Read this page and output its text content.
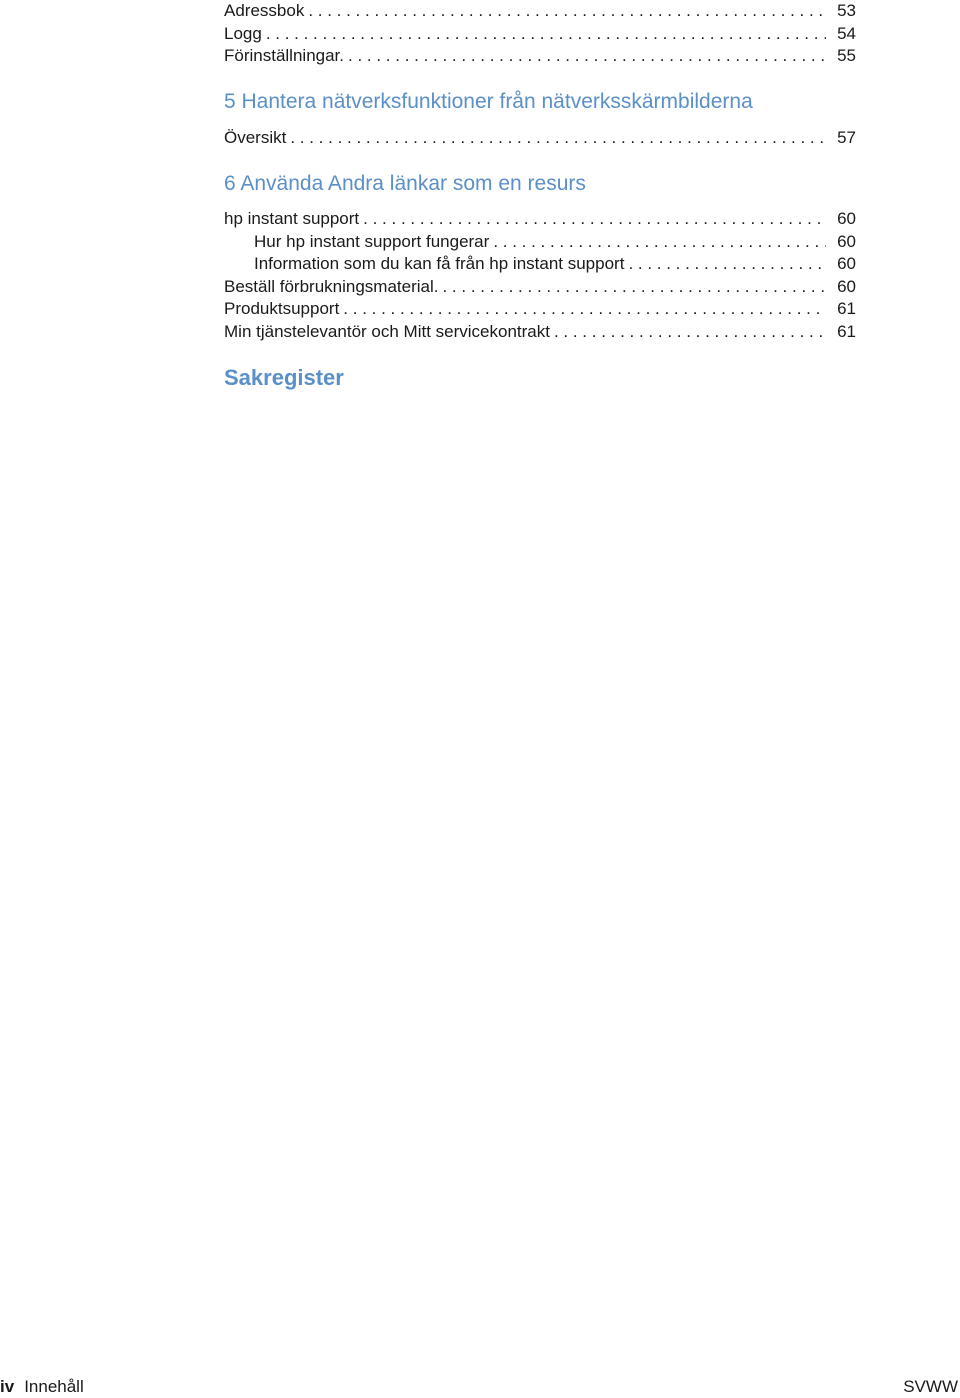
Adressbok . . .	53
Logg . . .	54
Förinställningar. . . .	55
5 Hantera nätverksfunktioner från nätverksskärmbilderna
Översikt . . .	57
6 Använda Andra länkar som en resurs
hp instant support . . .	60
Hur hp instant support fungerar . . .	60
Information som du kan få från hp instant support . . .	60
Beställ förbrukningsmaterial. . . .	60
Produktsupport . . .	61
Min tjänstelevantör och Mitt servicekontrakt . . .	61
Sakregister
iv Innehåll	SVWW
